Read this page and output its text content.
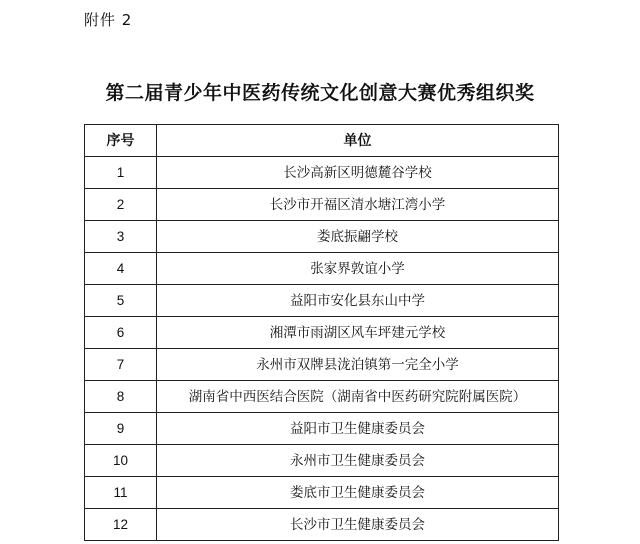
附件 2
第二届青少年中医药传统文化创意大赛优秀组织奖
序号	单位
1	长沙高新区明德麓谷学校
2	长沙市开福区清水塘江湾小学
3	娄底振翩学校
4	张家界敦谊小学
5	益阳市安化县东山中学
6	湘潭市雨湖区风车坪建元学校
7	永州市双牌县泷泊镇第一完全小学
8	湖南省中西医结合医院（湖南省中医药研究院附属医院）
9	益阳市卫生健康委员会
10	永州市卫生健康委员会
11	娄底市卫生健康委员会
12	长沙市卫生健康委员会
